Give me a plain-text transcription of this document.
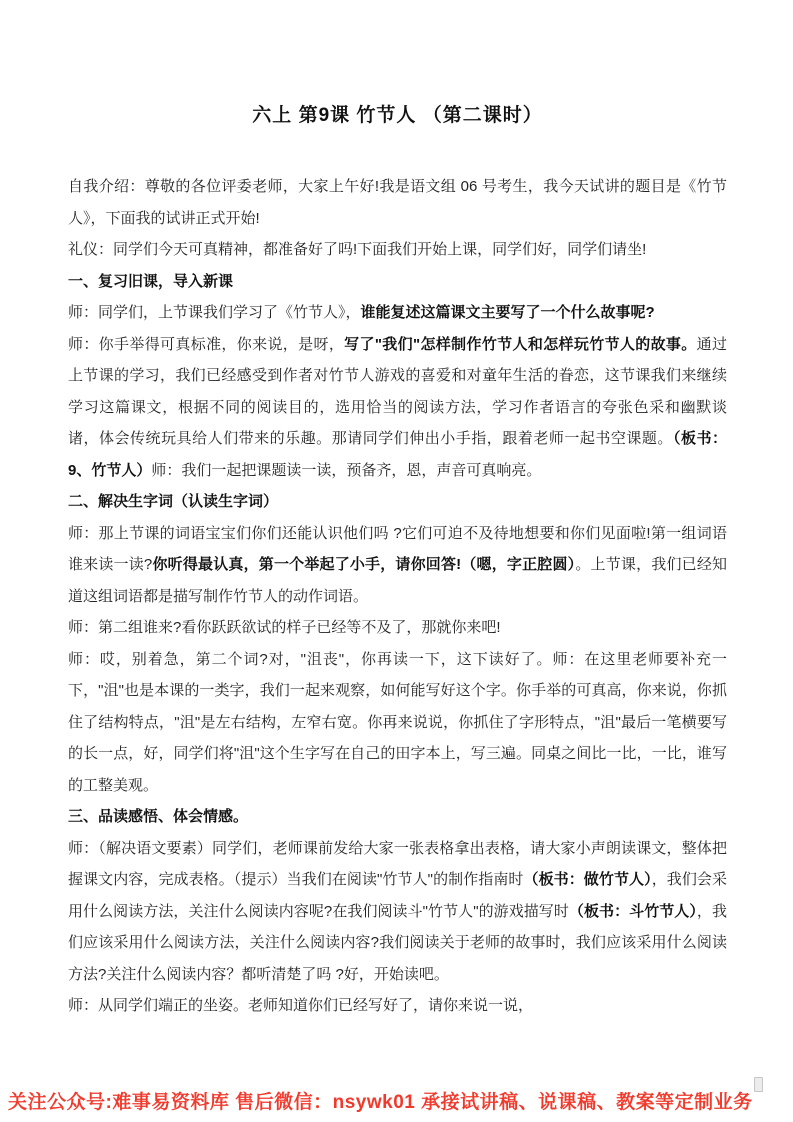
六上 第9课 竹节人 （第二课时）

自我介绍：尊敬的各位评委老师，大家上午好!我是语文组 06 号考生，我今天试讲的题目是《竹节人》，下面我的试讲正式开始!

礼仪：同学们今天可真精神，都准备好了吗!下面我们开始上课，同学们好，同学们请坐!

一、复习旧课，导入新课

师：同学们，上节课我们学习了《竹节人》，谁能复述这篇课文主要写了一个什么故事呢?

师：你手举得可真标准，你来说，是呀，写了"我们"怎样制作竹节人和怎样玩竹节人的故事。通过上节课的学习，我们已经感受到作者对竹节人游戏的喜爱和对童年生活的眷恋，这节课我们来继续学习这篇课文，根据不同的阅读目的，选用恰当的阅读方法，学习作者语言的夸张色采和幽默谈诸，体会传统玩具给人们带来的乐趣。那请同学们伸出小手指，跟着老师一起书空课题。（板书：9、竹节人）师：我们一起把课题读一读，预备齐，恩，声音可真响亮。

二、解决生字词（认读生字词）

师：那上节课的词语宝宝们你们还能认识他们吗 ?它们可迫不及待地想要和你们见面啦!第一组词语谁来读一读?你听得最认真，第一个举起了小手，请你回答!（嗯，字正腔圆）。上节课，我们已经知道这组词语都是描写制作竹节人的动作词语。

师：第二组谁来?看你跃跃欲试的样子已经等不及了，那就你来吧!

师：哎，别着急，第二个词?对，"沮丧"，你再读一下，这下读好了。师：在这里老师要补充一下，"沮"也是本课的一类字，我们一起来观察，如何能写好这个字。你手举的可真高，你来说，你抓住了结构特点，"沮"是左右结构，左窄右宽。你再来说说，你抓住了字形特点，"沮"最后一笔横要写的长一点，好，同学们将"沮"这个生字写在自己的田字本上，写三遍。同桌之间比一比，一比，谁写的工整美观。

三、品读感悟、体会情感。

师：（解决语文要素）同学们，老师课前发给大家一张表格拿出表格，请大家小声朗读课文，整体把握课文内容，完成表格。（提示）当我们在阅读"竹节人"的制作指南时（板书：做竹节人），我们会采用什么阅读方法，关注什么阅读内容呢?在我们阅读斗"竹节人"的游戏描写时（板书：斗竹节人），我们应该采用什么阅读方法，关注什么阅读内容?我们阅读关于老师的故事时，我们应该采用什么阅读方法?关注什么阅读内容？都听清楚了吗 ?好，开始读吧。

师：从同学们端正的坐姿。老师知道你们已经写好了，请你来说一说，

关注公众号:难事易资料库 售后微信：nsywk01 承接试讲稿、说课稿、教案等定制业务
